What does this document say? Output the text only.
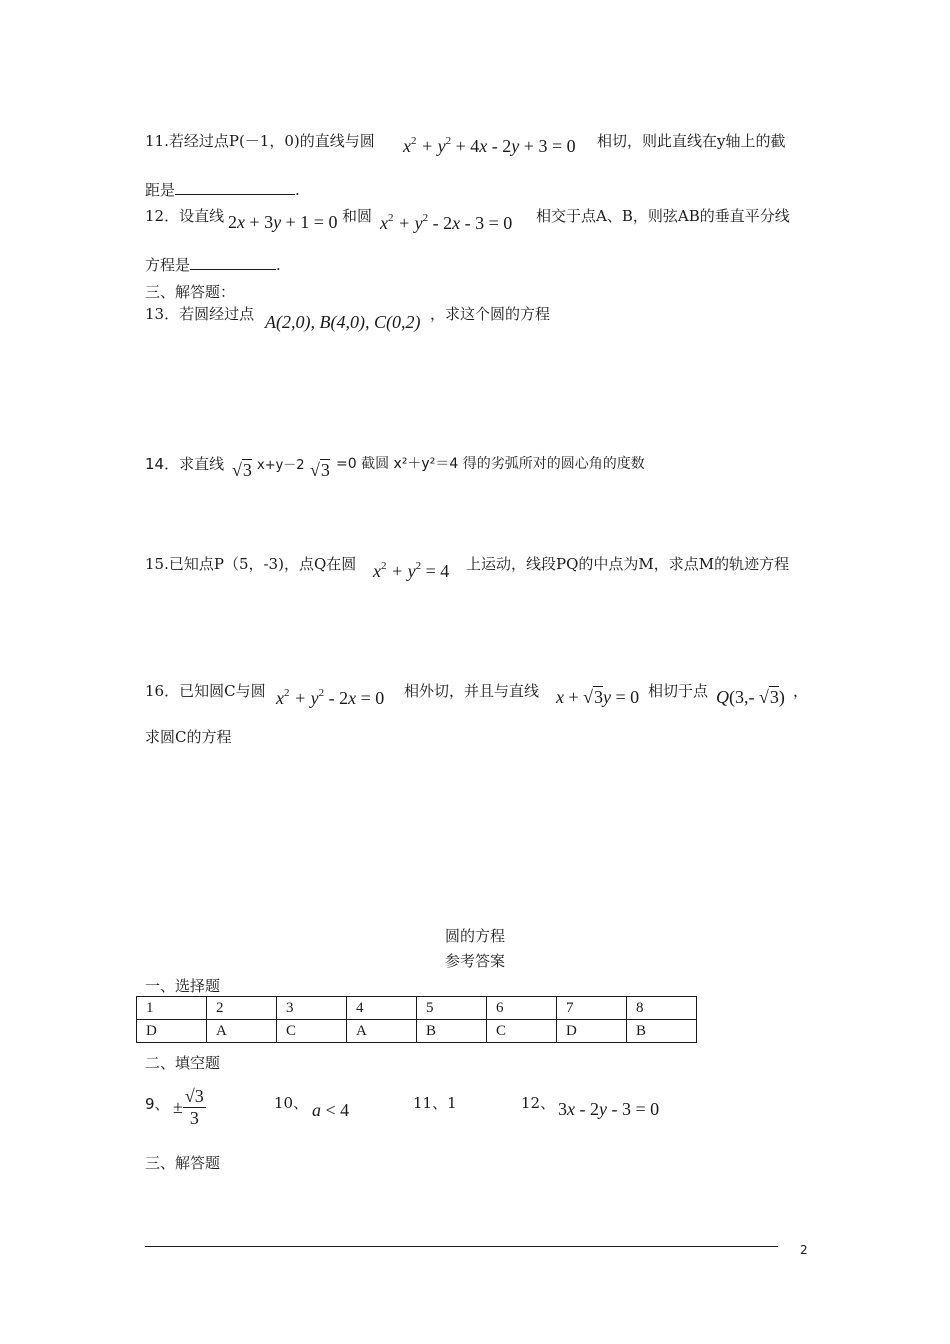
11.若经过点P(－1，0)的直线与圆 $x^2 + y^2 + 4x - 2y + 3 = 0$ 相切，则此直线在y轴上的截
距是	.
12．设直线 2x + 3y + 1 = 0 和圆 $x^2 + y^2 - 2x - 3 = 0$ 相交于点A、B，则弦AB的垂直平分线
方程是	.
三、解答题：
13．若圆经过点 A(2,0), B(4,0), C(0,2) ，求这个圆的方程
14．求直线 √3 x+y－2 √3 =0 截圆 x²＋y²＝4 得的劣弧所对的圆心角的度数
15.已知点P（5，-3)，点Q在圆 $x^2 + y^2 = 4$ 上运动，线段PQ的中点为M，求点M的轨迹方程
16．已知圆C与圆 $x^2 + y^2 - 2x = 0$ 相外切，并且与直线 x + √3y = 0 相切于点 Q(3,- √3) ，
求圆C的方程
圆的方程
参考答案
一、选择题
1	2	3	4	5	6	7	8
D	A	C	A	B	C	D	B
二、填空题
9、 ± $\frac{√3}{3}$	10、 a < 4	11、1	12、 3x - 2y - 3 = 0
三、解答题
2
